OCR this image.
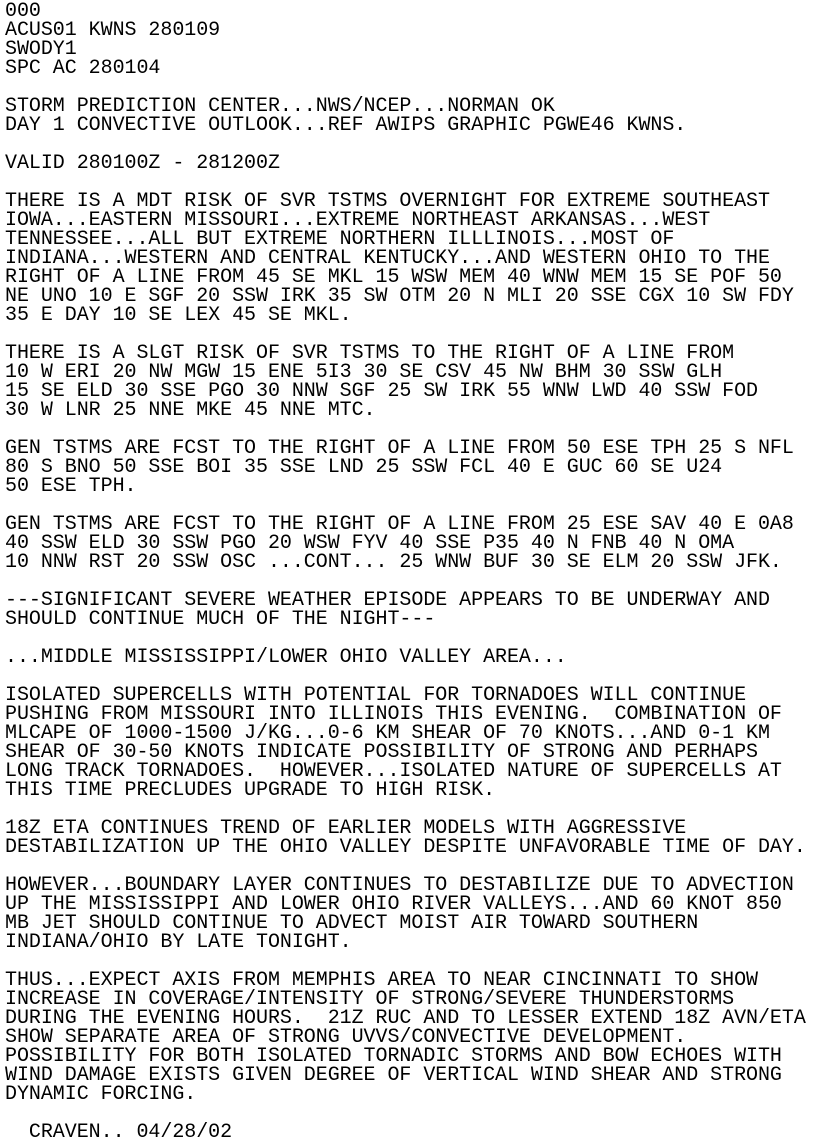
000
ACUS01 KWNS 280109
SWODY1
SPC AC 280104
STORM PREDICTION CENTER...NWS/NCEP...NORMAN OK
DAY 1 CONVECTIVE OUTLOOK...REF AWIPS GRAPHIC PGWE46 KWNS.
VALID 280100Z - 281200Z
THERE IS A MDT RISK OF SVR TSTMS OVERNIGHT FOR EXTREME SOUTHEAST
IOWA...EASTERN MISSOURI...EXTREME NORTHEAST ARKANSAS...WEST
TENNESSEE...ALL BUT EXTREME NORTHERN ILLLINOIS...MOST OF
INDIANA...WESTERN AND CENTRAL KENTUCKY...AND WESTERN OHIO TO THE
RIGHT OF A LINE FROM 45 SE MKL 15 WSW MEM 40 WNW MEM 15 SE POF 50
NE UNO 10 E SGF 20 SSW IRK 35 SW OTM 20 N MLI 20 SSE CGX 10 SW FDY
35 E DAY 10 SE LEX 45 SE MKL.
THERE IS A SLGT RISK OF SVR TSTMS TO THE RIGHT OF A LINE FROM
10 W ERI 20 NW MGW 15 ENE 5I3 30 SE CSV 45 NW BHM 30 SSW GLH
15 SE ELD 30 SSE PGO 30 NNW SGF 25 SW IRK 55 WNW LWD 40 SSW FOD
30 W LNR 25 NNE MKE 45 NNE MTC.
GEN TSTMS ARE FCST TO THE RIGHT OF A LINE FROM 50 ESE TPH 25 S NFL
80 S BNO 50 SSE BOI 35 SSE LND 25 SSW FCL 40 E GUC 60 SE U24
50 ESE TPH.
GEN TSTMS ARE FCST TO THE RIGHT OF A LINE FROM 25 ESE SAV 40 E 0A8
40 SSW ELD 30 SSW PGO 20 WSW FYV 40 SSE P35 40 N FNB 40 N OMA
10 NNW RST 20 SSW OSC ...CONT... 25 WNW BUF 30 SE ELM 20 SSW JFK.
---SIGNIFICANT SEVERE WEATHER EPISODE APPEARS TO BE UNDERWAY AND
SHOULD CONTINUE MUCH OF THE NIGHT---
...MIDDLE MISSISSIPPI/LOWER OHIO VALLEY AREA...
ISOLATED SUPERCELLS WITH POTENTIAL FOR TORNADOES WILL CONTINUE
PUSHING FROM MISSOURI INTO ILLINOIS THIS EVENING.  COMBINATION OF
MLCAPE OF 1000-1500 J/KG...0-6 KM SHEAR OF 70 KNOTS...AND 0-1 KM
SHEAR OF 30-50 KNOTS INDICATE POSSIBILITY OF STRONG AND PERHAPS
LONG TRACK TORNADOES.  HOWEVER...ISOLATED NATURE OF SUPERCELLS AT
THIS TIME PRECLUDES UPGRADE TO HIGH RISK.
18Z ETA CONTINUES TREND OF EARLIER MODELS WITH AGGRESSIVE
DESTABILIZATION UP THE OHIO VALLEY DESPITE UNFAVORABLE TIME OF DAY.
HOWEVER...BOUNDARY LAYER CONTINUES TO DESTABILIZE DUE TO ADVECTION
UP THE MISSISSIPPI AND LOWER OHIO RIVER VALLEYS...AND 60 KNOT 850
MB JET SHOULD CONTINUE TO ADVECT MOIST AIR TOWARD SOUTHERN
INDIANA/OHIO BY LATE TONIGHT.
THUS...EXPECT AXIS FROM MEMPHIS AREA TO NEAR CINCINNATI TO SHOW
INCREASE IN COVERAGE/INTENSITY OF STRONG/SEVERE THUNDERSTORMS
DURING THE EVENING HOURS.  21Z RUC AND TO LESSER EXTEND 18Z AVN/ETA
SHOW SEPARATE AREA OF STRONG UVVS/CONVECTIVE DEVELOPMENT.
POSSIBILITY FOR BOTH ISOLATED TORNADIC STORMS AND BOW ECHOES WITH
WIND DAMAGE EXISTS GIVEN DEGREE OF VERTICAL WIND SHEAR AND STRONG
DYNAMIC FORCING.
CRAVEN.. 04/28/02
